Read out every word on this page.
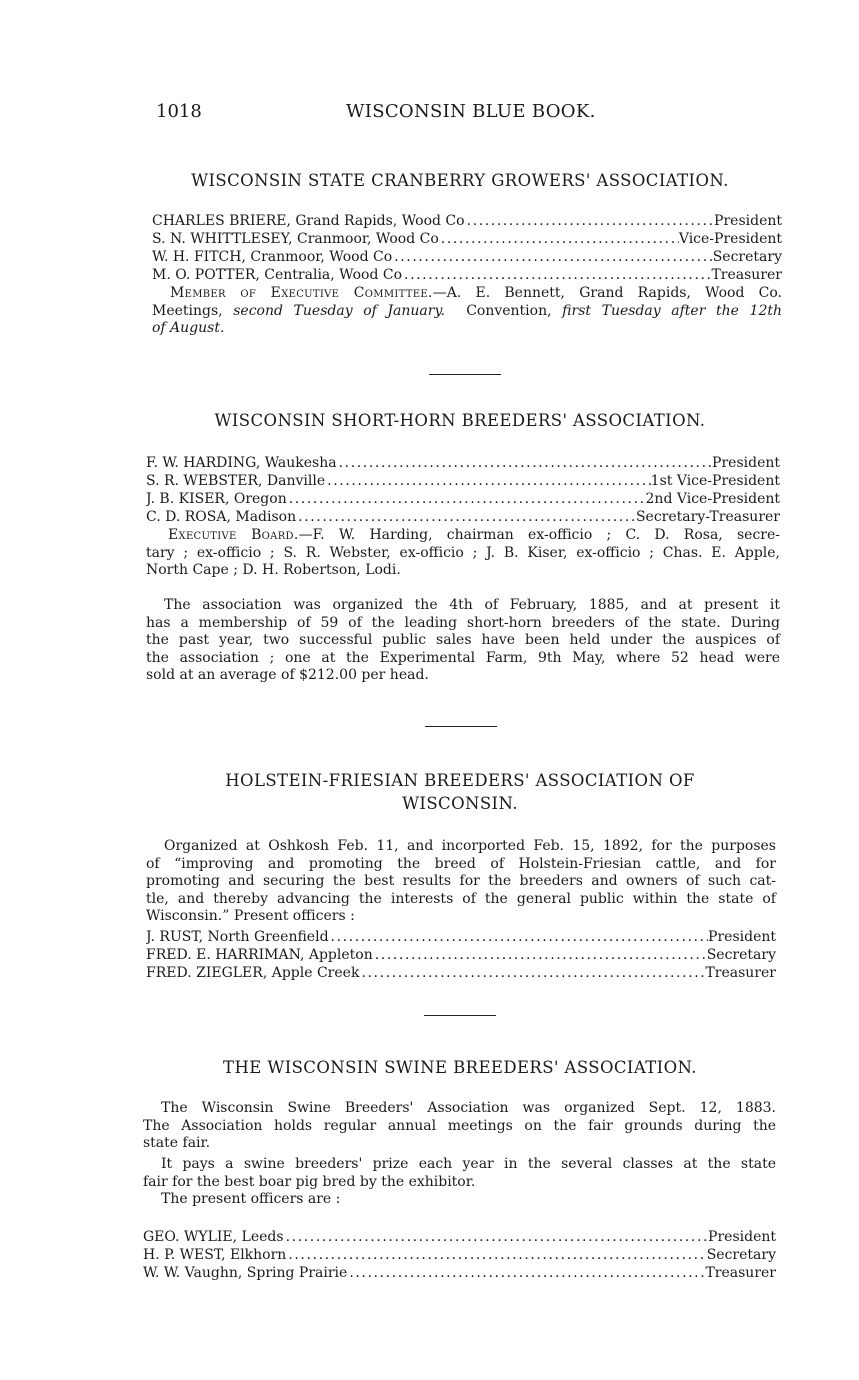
1018	WISCONSIN BLUE BOOK.
WISCONSIN STATE CRANBERRY GROWERS' ASSOCIATION.
CHARLES BRIERE, Grand Rapids, Wood Co .....	President
S. N. WHITTLESEY, Cranmoor, Wood Co .....	Vice-President
W. H. FITCH, Cranmoor, Wood Co .....	Secretary
M. O. POTTER, Centralia, Wood Co .....	Treasurer
Member of Executive Committee.—A. E. Bennett, Grand Rapids, Wood Co.
Meetings, second Tuesday of January. Convention, first Tuesday after the 12th
of August.
WISCONSIN SHORT-HORN BREEDERS' ASSOCIATION.
F. W. HARDING, Waukesha .....	President
S. R. WEBSTER, Danville .....	1st Vice-President
J. B. KISER, Oregon .....	2nd Vice-President
C. D. ROSA, Madison .....	Secretary-Treasurer
Executive Board.—F. W. Harding, chairman ex-officio ; C. D. Rosa, secre-
tary ; ex-officio ; S. R. Webster, ex-officio ; J. B. Kiser, ex-officio ; Chas. E. Apple,
North Cape ; D. H. Robertson, Lodi.
The association was organized the 4th of February, 1885, and at present it
has a membership of 59 of the leading short-horn breeders of the state. During
the past year, two successful public sales have been held under the auspices of
the association ; one at the Experimental Farm, 9th May, where 52 head were
sold at an average of $212.00 per head.
HOLSTEIN-FRIESIAN BREEDERS' ASSOCIATION OF
WISCONSIN.
Organized at Oshkosh Feb. 11, and incorported Feb. 15, 1892, for the purposes
of “improving and promoting the breed of Holstein-Friesian cattle, and for
promoting and securing the best results for the breeders and owners of such cat-
tle, and thereby advancing the interests of the general public within the state of
Wisconsin.” Present officers :
J. RUST, North Greenfield .....	President
FRED. E. HARRIMAN, Appleton .....	Secretary
FRED. ZIEGLER, Apple Creek .....	Treasurer
THE WISCONSIN SWINE BREEDERS' ASSOCIATION.
The Wisconsin Swine Breeders' Association was organized Sept. 12, 1883.
The Association holds regular annual meetings on the fair grounds during the
state fair.
It pays a swine breeders' prize each year in the several classes at the state
fair for the best boar pig bred by the exhibitor.
The present officers are :
GEO. WYLIE, Leeds .....	President
H. P. WEST, Elkhorn .....	Secretary
W. W. Vaughn, Spring Prairie .....	Treasurer
